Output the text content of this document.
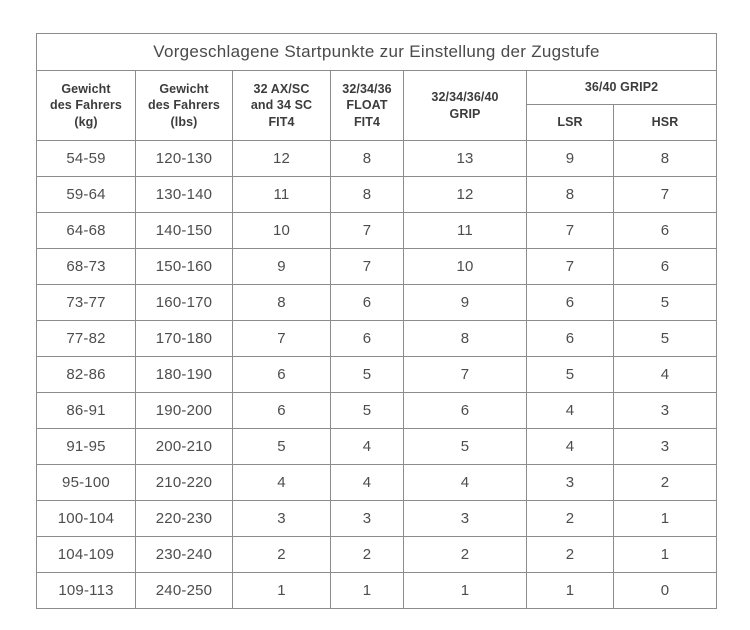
Vorgeschlagene Startpunkte zur Einstellung der Zugstufe						

Gewicht
des Fahrers
(kg)	Gewicht
des Fahrers
(lbs)	32 AX/SC
and 34 SC
FIT4	32/34/36
FLOAT
FIT4	32/34/36/40
GRIP	36/40 GRIP2	
					LSR	HSR
54-59	120-130	12	8	13	9	8
59-64	130-140	11	8	12	8	7
64-68	140-150	10	7	11	7	6
68-73	150-160	9	7	10	7	6
73-77	160-170	8	6	9	6	5
77-82	170-180	7	6	8	6	5
82-86	180-190	6	5	7	5	4
86-91	190-200	6	5	6	4	3
91-95	200-210	5	4	5	4	3
95-100	210-220	4	4	4	3	2
100-104	220-230	3	3	3	2	1
104-109	230-240	2	2	2	2	1
109-113	240-250	1	1	1	1	0
